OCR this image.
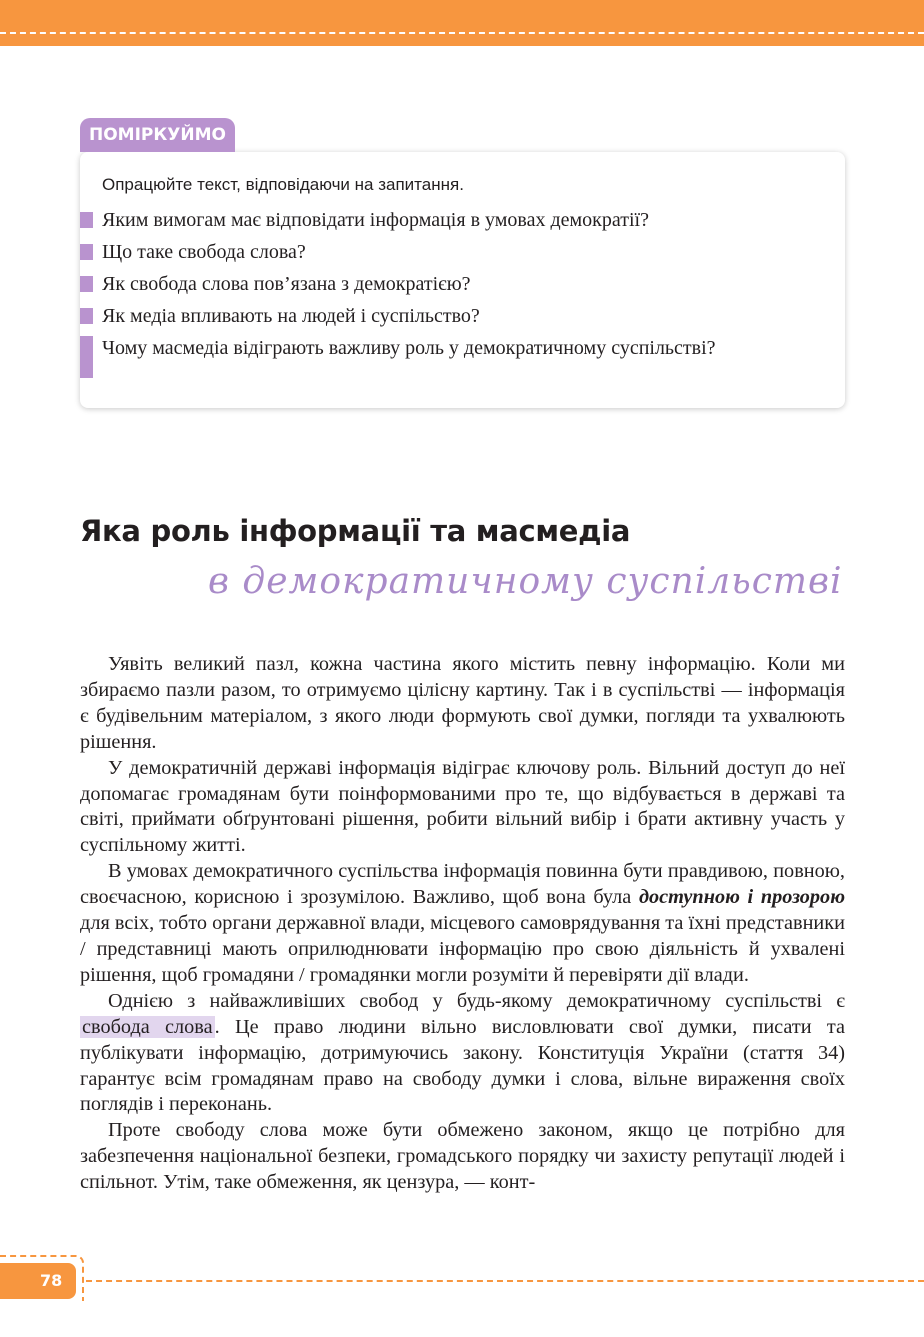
ПОМІРКУЙМО
Опрацюйте текст, відповідаючи на запитання.
Яким вимогам має відповідати інформація в умовах демократії?
Що таке свобода слова?
Як свобода слова пов’язана з демократією?
Як медіа впливають на людей і суспільство?
Чому масмедіа відіграють важливу роль у демократичному суспільстві?
Яка роль інформації та масмедіа
в демократичному суспільстві

Уявіть великий пазл, кожна частина якого містить певну інформацію. Коли ми збираємо пазли разом, то отримуємо цілісну картину. Так і в суспільстві — інформація є будівельним матеріалом, з якого люди формують свої думки, погляди та ухвалюють рішення.

У демократичній державі інформація відіграє ключову роль. Вільний доступ до неї допомагає громадянам бути поінформованими про те, що відбувається в державі та світі, приймати обґрунтовані рішення, робити вільний вибір і брати активну участь у суспільному житті.

В умовах демократичного суспільства інформація повинна бути правдивою, повною, своєчасною, корисною і зрозумілою. Важливо, щоб вона була доступною і прозорою для всіх, тобто органи державної влади, місцевого самоврядування та їхні представники / представниці мають оприлюднювати інформацію про свою діяльність й ухвалені рішення, щоб громадяни / громадянки могли розуміти й перевіряти дії влади.

Однією з найважливіших свобод у будь-якому демократичному суспільстві є свобода слова. Це право людини вільно висловлювати свої думки, писати та публікувати інформацію, дотримуючись закону. Конституція України (стаття 34) гарантує всім громадянам право на свободу думки і слова, вільне вираження своїх поглядів і переконань.

Проте свободу слова може бути обмежено законом, якщо це потрібно для забезпечення національної безпеки, громадського порядку чи захисту репутації людей і спільнот. Утім, таке обмеження, як цензура, — конт-

78
